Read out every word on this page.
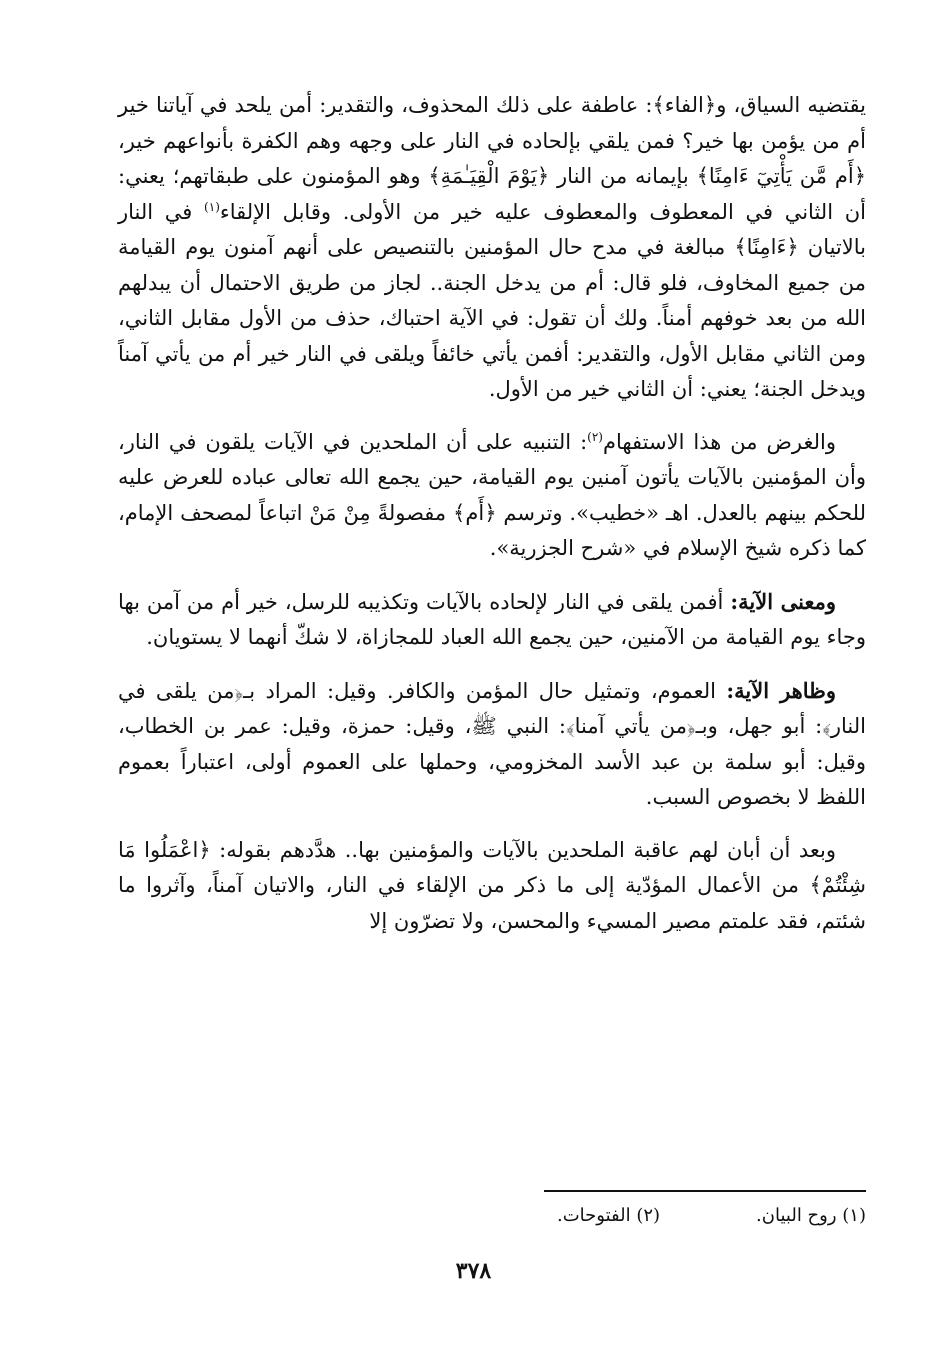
يقتضيه السياق، و﴿الفاء﴾: عاطفة على ذلك المحذوف، والتقدير: أمن يلحد في آياتنا خير أم من يؤمن بها خير؟ فمن يلقي بإلحاده في النار على وجهه وهم الكفرة بأنواعهم خير، ﴿أَم مَّن يَأْتِيٓ ءَامِنًا﴾ بإيمانه من النار ﴿يَوْمَ الْقِيَـٰمَةِ﴾ وهو المؤمنون على طبقاتهم؛ يعني: أن الثاني في المعطوف والمعطوف عليه خير من الأولى. وقابل الإلقاء$^{(١)}$ في النار بالاتيان ﴿ءَامِنًا﴾ مبالغة في مدح حال المؤمنين بالتنصيص على أنهم آمنون يوم القيامة من جميع المخاوف، فلو قال: أم من يدخل الجنة.. لجاز من طريق الاحتمال أن يبدلهم الله من بعد خوفهم أمناً. ولك أن تقول: في الآية احتباك، حذف من الأول مقابل الثاني، ومن الثاني مقابل الأول، والتقدير: أفمن يأتي خائفاً ويلقى في النار خير أم من يأتي آمناً ويدخل الجنة؛ يعني: أن الثاني خير من الأول.

والغرض من هذا الاستفهام$^{(٢)}$: التنبيه على أن الملحدين في الآيات يلقون في النار، وأن المؤمنين بالآيات يأتون آمنين يوم القيامة، حين يجمع الله تعالى عباده للعرض عليه للحكم بينهم بالعدل. اهـ «خطيب». وترسم ﴿أَم﴾ مفصولةً مِنْ مَنْ اتباعاً لمصحف الإمام، كما ذكره شيخ الإسلام في «شرح الجزرية».

ومعنى الآية: أفمن يلقى في النار لإلحاده بالآيات وتكذيبه للرسل، خير أم من آمن بها وجاء يوم القيامة من الآمنين، حين يجمع الله العباد للمجازاة، لا شكّ أنهما لا يستويان.

وظاهر الآية: العموم، وتمثيل حال المؤمن والكافر. وقيل: المراد بـ﴿من يلقى في النار﴾: أبو جهل، وبـ﴿من يأتي آمنا﴾: النبي ﷺ، وقيل: حمزة، وقيل: عمر بن الخطاب، وقيل: أبو سلمة بن عبد الأسد المخزومي، وحملها على العموم أولى، اعتباراً بعموم اللفظ لا بخصوص السبب.

وبعد أن أبان لهم عاقبة الملحدين بالآيات والمؤمنين بها.. هدَّدهم بقوله: ﴿اعْمَلُوا مَا شِئْتُمْ﴾ من الأعمال المؤدّية إلى ما ذكر من الإلقاء في النار، والاتيان آمناً، وآثروا ما شئتم، فقد علمتم مصير المسيء والمحسن، ولا تضرّون إلا

(١) روح البيان.
(٢) الفتوحات.
٣٧٨
